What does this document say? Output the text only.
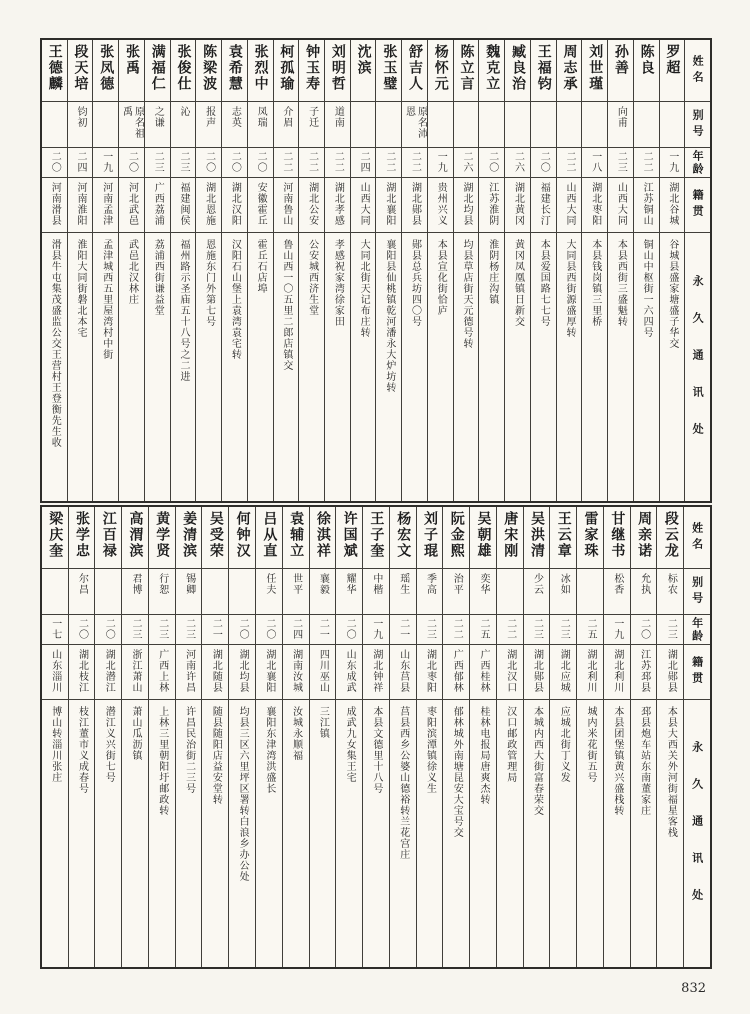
姓名
别号
年龄
籍贯
永久通讯处
罗超
一九
湖北谷城
谷城县盛家塘盛子华交
陈良
二二
江苏铜山
铜山中枢街一六四号
孙善
向甫
二三
山西大同
本县西街三盛魁转
刘世瑾
一八
湖北枣阳
本县钱岗镇三里桥
周志承
二二
山西大同
大同县西街源盛厚转
王福钧
二〇
福建长汀
本县爱国路七七号
臧良治
二六
湖北黄冈
黄冈凤凰镇日新交
魏克立
二〇
江苏淮阴
淮阴杨庄沟镇
陈立言
二六
湖北均县
均县草店街天元德号转
杨怀元
一九
贵州兴义
本县宣化街恰庐
舒吉人
原名沛恩
二二
湖北郧县
郧县总兵坊四〇号
张玉璧
二二
湖北襄阳
襄阳县仙桃镇乾河潘永大炉坊转
沈滨
二四
山西大同
大同北街天记布庄转
刘明哲
道南
二二
湖北孝感
孝感祝家湾徐家田
钟玉寿
子迁
二二
湖北公安
公安城西济生堂
柯孤瑜
介眉
二二
河南鲁山
鲁山西一〇五里二郎店镇交
张烈中
凤瑞
二〇
安徽霍丘
霍丘石店埠
袁希慧
志英
二〇
湖北汉阳
汉阳石山堡上袁湾袁宅转
陈梁波
报声
二〇
湖北恩施
恩施东门外第七号
张俊仕
沁
二三
福建闽侯
福州路示圣庙五十八号之二进
满福仁
之谦
二三
广西荔浦
荔浦西街谦益堂
张禹
原名祖禹
二〇
河北武邑
武邑北汉林庄
张凤德
一九
河南孟津
孟津城西五里屋湾村中街
段天培
钧初
二四
河南淮阳
淮阳大同街磐北本宅
王德麟
二〇
河南滑县
滑县牛屯集茂盛监公交王营村王登衡先生收
姓名
别号
年龄
籍贯
永久通讯处
段云龙
标农
二三
湖北郧县
本县大西关外河街福星客栈
周亲诺
允执
二〇
江苏邳县
邳县炮车站东南董家庄
甘继书
松香
一九
湖北利川
本县团堡镇黄兴盛栈转
雷家珠
二五
湖北利川
城内米花街五号
王云章
冰如
二三
湖北应城
应城北街丁义发
吴洪清
少云
二三
湖北郧县
本城内西大街富春荣交
唐宋刚
二二
湖北汉口
汉口邮政管理局
吴朝雄
奕华
二五
广西桂林
桂林电报局唐爽杰转
阮金熙
治平
二二
广西郁林
郁林城外南塘昆安大宝号交
刘子琨
季高
二三
湖北枣阳
枣阳滨潭镇徐义生
杨宏文
瑶生
二一
山东莒县
莒县西乡公婆山德裕转兰花宫庄
王子奎
中楷
一九
湖北钟祥
本县文德里十八号
许国斌
耀华
二〇
山东成武
成武九女集王宅
徐淇祥
襄毅
二一
四川巫山
三江镇
袁辅立
世平
二四
湖南汝城
汝城永顺福
吕从直
任夫
二〇
湖北襄阳
襄阳东津湾洪盛长
何钟汉
二〇
湖北均县
均县三区六里坪区署转白浪乡办公处
吴受荣
二一
湖北随县
随县随阳店益安堂转
姜清滨
锡卿
二三
河南许昌
许昌民治街二三号
黄学贤
行恕
二三
广西上林
上林三里朝阳圩邮政转
高渭滨
君博
二三
浙江萧山
萧山瓜沥镇
江百禄
二〇
湖北潜江
潜江义兴街七号
张学忠
尔昌
二〇
湖北枝江
枝江董市义成春号
梁庆奎
一七
山东淄川
博山转淄川张庄
832
